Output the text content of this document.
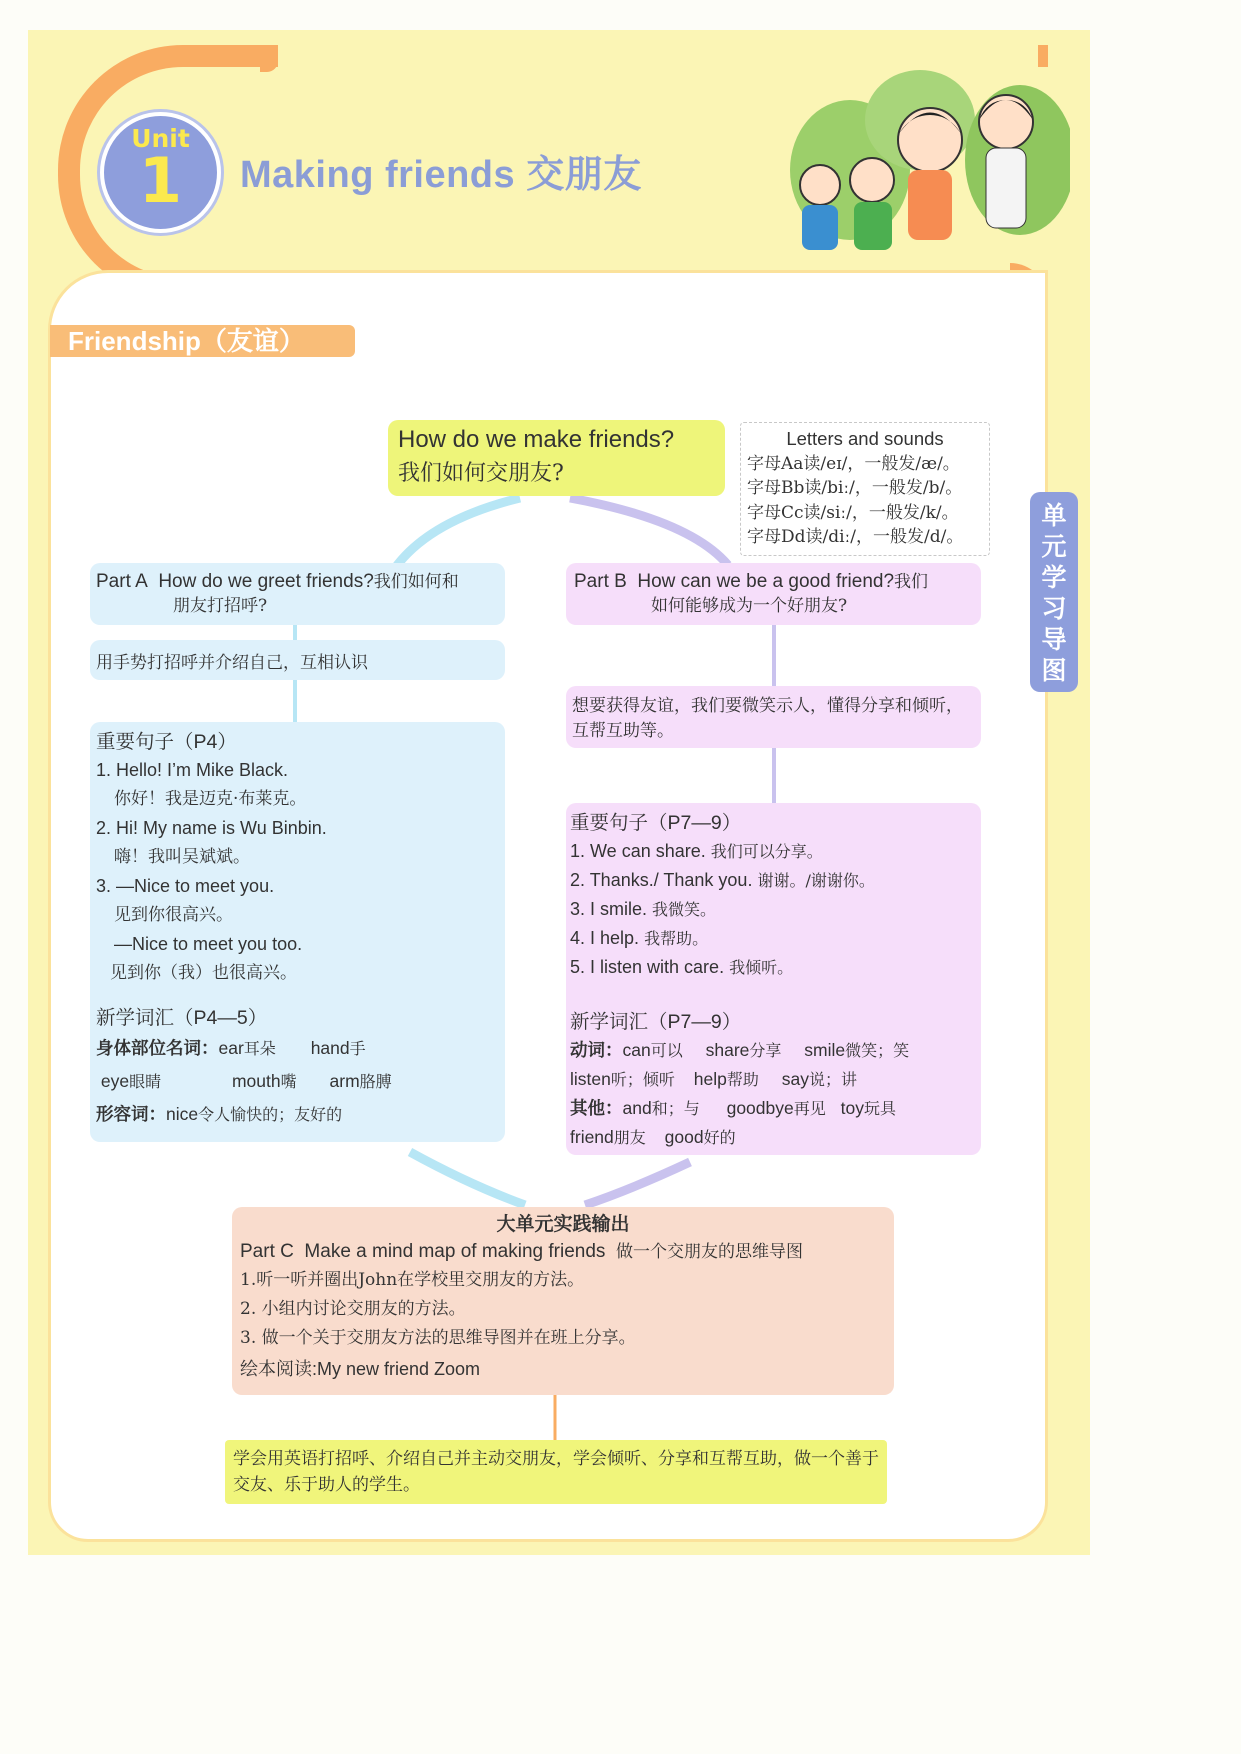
Unit
1	Making friends 交朋友
Friendship（友谊）
单
元
学
习
导
图
How do we make friends?
我们如何交朋友?
Letters and sounds
字母Aa读/eɪ/，一般发/æ/。
字母Bb读/biː/，一般发/b/。
字母Cc读/siː/，一般发/k/。
字母Dd读/diː/，一般发/d/。
Part A How do we greet friends?我们如何和
朋友打招呼?
用手势打招呼并介绍自己，互相认识
重要句子（P4）
1. Hello! I’m Mike Black.
你好！我是迈克·布莱克。
2. Hi! My name is Wu Binbin.
嗨！我叫吴斌斌。
3. —Nice to meet you.
见到你很高兴。
—Nice to meet you too.
见到你（我）也很高兴。
新学词汇（P4—5）
身体部位名词：ear耳朵 hand手
eye眼睛	mouth嘴 arm胳膊
形容词：nice令人愉快的；友好的
Part B How can we be a good friend?我们
如何能够成为一个好朋友?
想要获得友谊，我们要微笑示人，懂得分享和倾听，互帮互助等。
重要句子（P7—9）
1. We can share. 我们可以分享。
2. Thanks./ Thank you. 谢谢。/谢谢你。
3. I smile. 我微笑。
4. I help. 我帮助。
5. I listen with care. 我倾听。
新学词汇（P7—9）
动词：can可以 share分享 smile微笑；笑
listen听；倾听 help帮助 say说；讲
其他：and和；与 goodbye再见 toy玩具
friend朋友 good好的
大单元实践输出
Part C Make a mind map of making friends 做一个交朋友的思维导图
1.听一听并圈出John在学校里交朋友的方法。
2. 小组内讨论交朋友的方法。
3. 做一个关于交朋友方法的思维导图并在班上分享。
绘本阅读:My new friend Zoom
学会用英语打招呼、介绍自己并主动交朋友，学会倾听、分享和互帮互助，做一个善于交友、乐于助人的学生。
